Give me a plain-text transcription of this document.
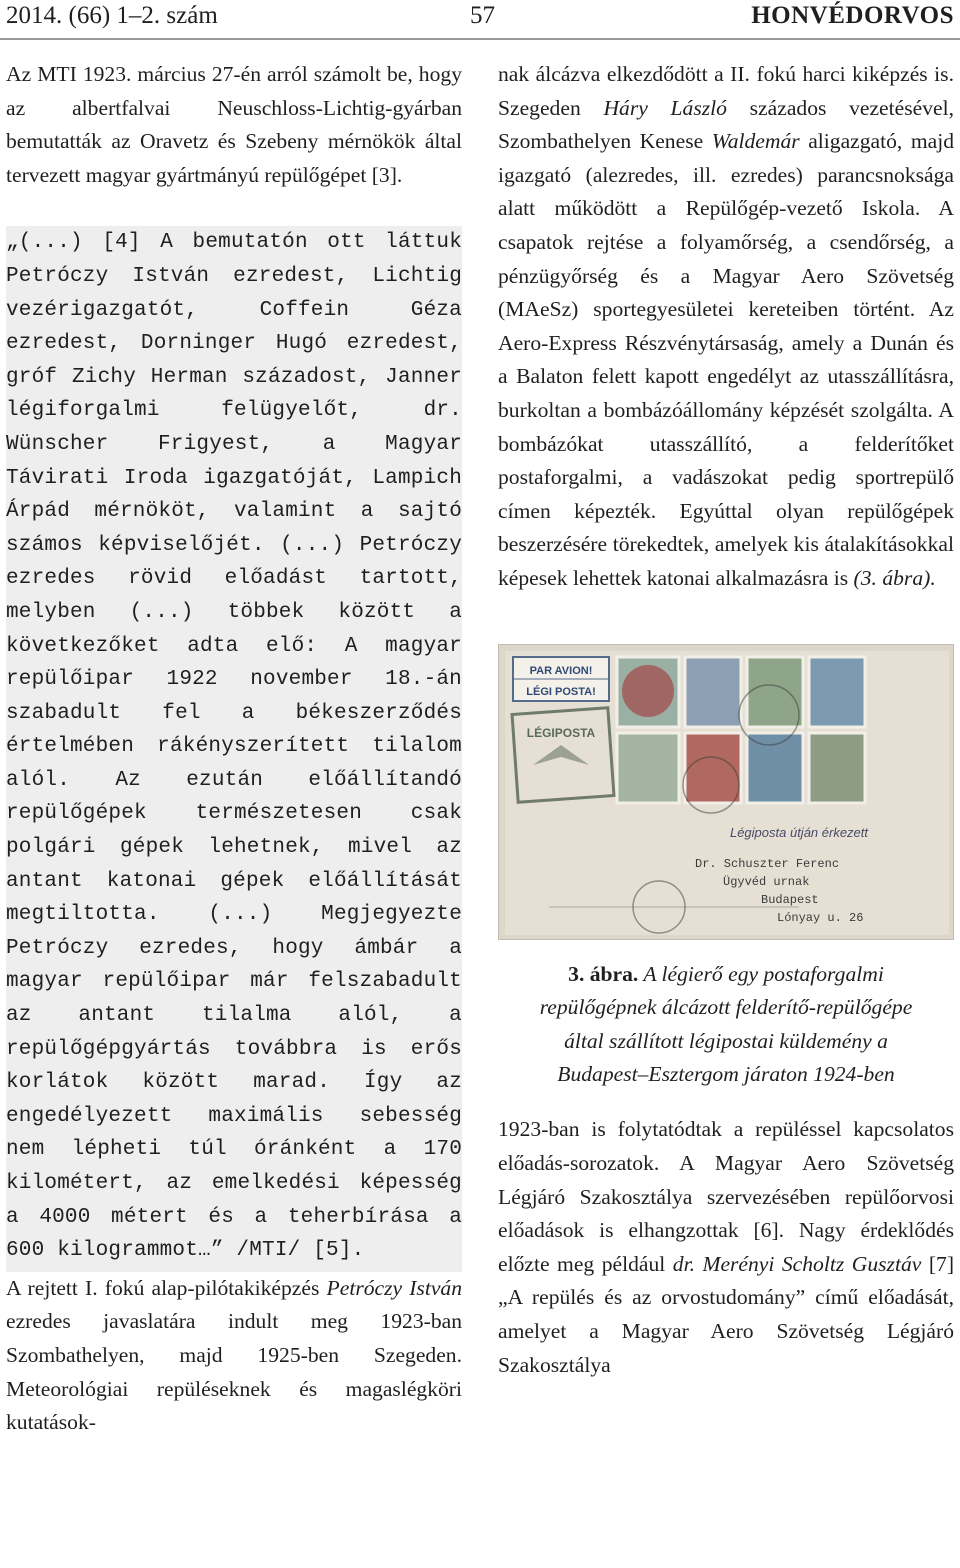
2014. (66) 1–2. szám	57	HONVÉDORVOS

Az MTI 1923. március 27-én arról számolt be, hogy az albertfalvai Neuschloss-Lichtig-gyárban bemutatták az Oravetz és Szebeny mérnökök által tervezett magyar gyártmányú repülőgépet [3].

„(...) [4] A bemutatón ott láttuk Petróczy István ezredest, Lichtig vezérigazgatót, Coffein Géza ezredest, Dorninger Hugó ezredest, gróf Zichy Herman századost, Janner légiforgalmi felügyelőt, dr. Wünscher Frigyest, a Magyar Távirati Iroda igazgatóját, Lampich Árpád mérnököt, valamint a sajtó számos képviselőjét. (...) Petróczy ezredes rövid előadást tartott, melyben (...) többek között a következőket adta elő: A magyar repülőipar 1922 november 18.-án szabadult fel a békeszerződés értelmében rákényszerített tilalom alól. Az ezután előállítandó repülőgépek természetesen csak polgári gépek lehetnek, mivel az antant katonai gépek előállítását megtiltotta. (...) Megjegyezte Petróczy ezredes, hogy ámbár a magyar repülőipar már felszabadult az antant tilalma alól, a repülőgépgyártás továbbra is erős korlátok között marad. Így az engedélyezett maximális sebesség nem lépheti túl óránként a 170 kilométert, az emelkedési képesség a 4000 métert és a teherbírása a 600 kilogrammot…” /MTI/ [5].

A rejtett I. fokú alap-pilótakiképzés Petróczy István ezredes javaslatára indult meg 1923-ban Szombathelyen, majd 1925-ben Szegeden. Meteorológiai repüléseknek és magaslégköri kutatások-

nak álcázva elkezdődött a II. fokú harci kiképzés is. Szegeden Háry László százados vezetésével, Szombathelyen Kenese Waldemár aligazgató, majd igazgató (alezredes, ill. ezredes) parancsnoksága alatt működött a Repülőgép-vezető Iskola. A csapatok rejtése a folyamőrség, a csendőrség, a pénzügyőrség és a Magyar Aero Szövetség (MAeSz) sportegyesületei kereteiben történt. Az Aero-Express Részvénytársaság, amely a Dunán és a Balaton felett kapott engedélyt az utasszállításra, burkoltan a bombázóállomány képzését szolgálta. A bombázókat utasszállító, a felderítőket postaforgalmi, a vadászokat pedig sportrepülő címen képezték. Egyúttal olyan repülőgépek beszerzésére törekedtek, amelyek kis átalakításokkal képesek lehettek katonai alkalmazásra is (3. ábra).

PAR AVION!
LÉGI POSTA!
LÉGIPOSTA
Légiposta útján érkezett
Dr. Schuszter Ferenc
Ügyvéd urnak
Budapest
Lónyay u. 26

3. ábra. A légierő egy postaforgalmi repülőgépnek álcázott felderítő-repülőgépe által szállított légipostai küldemény a Budapest–Esztergom járaton 1924-ben

1923-ban is folytatódtak a repüléssel kapcsolatos előadás-sorozatok. A Magyar Aero Szövetség Légjáró Szakosztálya szervezésében repülőorvosi előadások is elhangzottak [6]. Nagy érdeklődés előzte meg például dr. Merényi Scholtz Gusztáv [7] „A repülés és az orvostudomány” című előadását, amelyet a Magyar Aero Szövetség Légjáró Szakosztálya
